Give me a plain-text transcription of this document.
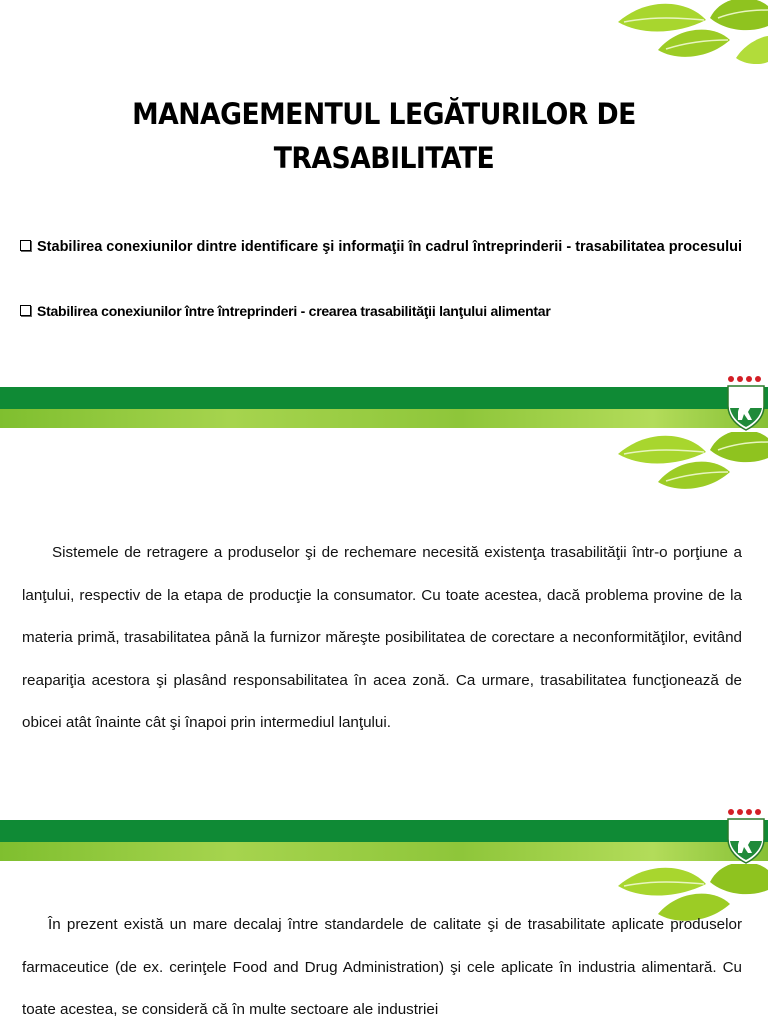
MANAGEMENTUL LEGĂTURILOR DE
TRASABILITATE
Stabilirea conexiunilor dintre identificare şi informaţii în cadrul întreprinderii - trasabilitatea procesului
Stabilirea conexiunilor între întreprinderi - crearea trasabilităţii lanţului alimentar
Sistemele de retragere a produselor şi de rechemare necesită existenţa trasabilităţii într-o porţiune a lanţului, respectiv de la etapa de producţie la consumator. Cu toate acestea, dacă problema provine de la materia primă, trasabilitatea până la furnizor măreşte posibilitatea de corectare a neconformităţilor, evitând reapariţia acestora şi plasând responsabilitatea în acea zonă. Ca urmare, trasabilitatea funcţionează de obicei atât înainte cât şi înapoi prin intermediul lanţului.
În prezent există un mare decalaj între standardele de calitate şi de trasabilitate aplicate produselor farmaceutice (de ex. cerinţele Food and Drug Administration) şi cele aplicate în industria alimentară. Cu toate acestea, se consideră că în multe sectoare ale industriei
